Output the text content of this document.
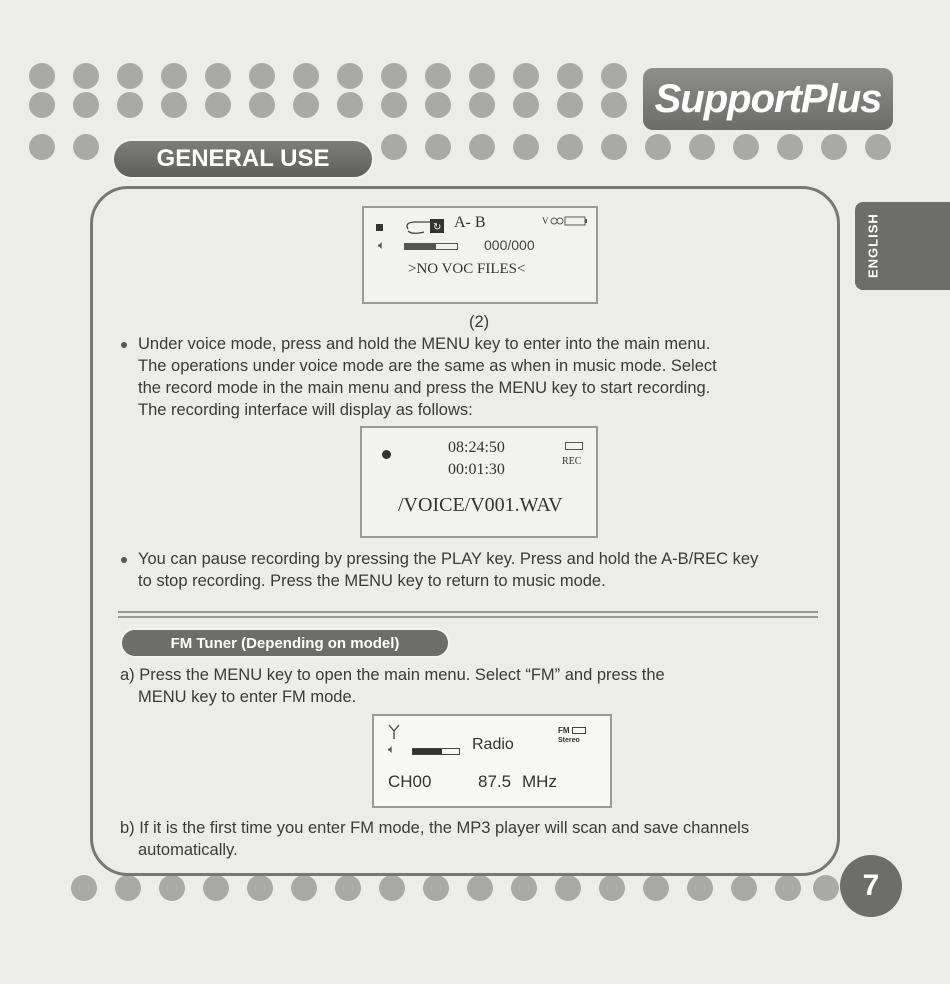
SupportPlus
GENERAL USE
ENGLISH
↻ A- B	V
🔈︎	000/000
>NO VOC FILES<
(2)
Under voice mode, press and hold the MENU key to enter into the main menu.
The operations under voice mode are the same as when in music mode. Select
the record mode in the main menu and press the MENU key to start recording.
The recording interface will display as follows:
08:24:50
00:01:30	REC
/VOICE/V001.WAV
You can pause recording by pressing the PLAY key. Press and hold the A-B/REC key
to stop recording. Press the MENU key to return to music mode.
FM Tuner (Depending on model)
a) Press the MENU key to open the main menu. Select “FM” and press the
MENU key to enter FM mode.
🔈︎	Radio
FM
Stereo
CH00	87.5 MHz
b) If it is the first time you enter FM mode, the MP3 player will scan and save channels
automatically.
7
